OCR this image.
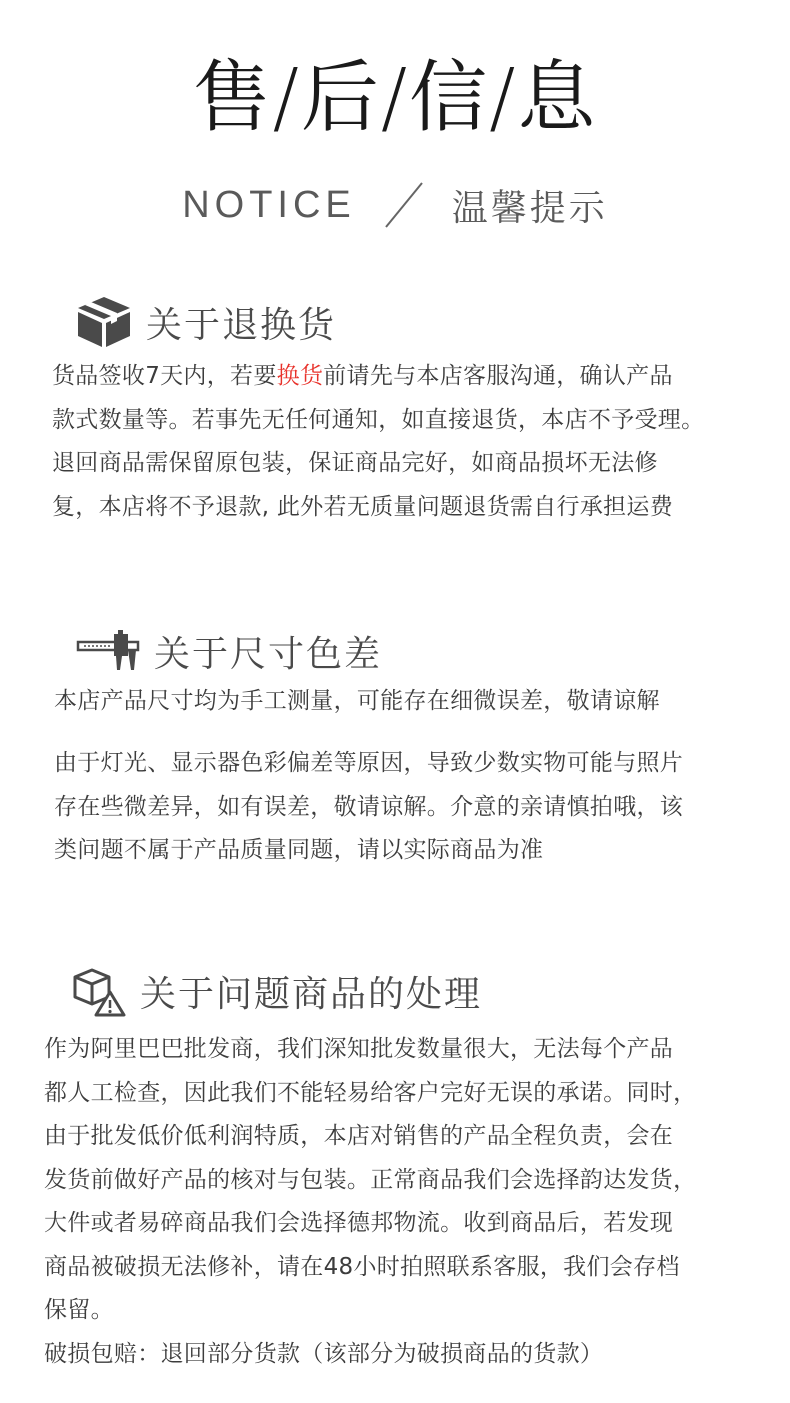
售/后/信/息
NOTICE	温馨提示
关于退换货
货品签收7天内，若要换货前请先与本店客服沟通，确认产品
款式数量等。若事先无任何通知，如直接退货，本店不予受理。
退回商品需保留原包装，保证商品完好，如商品损坏无法修
复，本店将不予退款, 此外若无质量问题退货需自行承担运费
关于尺寸色差
本店产品尺寸均为手工测量，可能存在细微误差，敬请谅解
由于灯光、显示器色彩偏差等原因，导致少数实物可能与照片
存在些微差异，如有误差，敬请谅解。介意的亲请慎拍哦，该
类问题不属于产品质量同题，请以实际商品为准
关于问题商品的处理
作为阿里巴巴批发商，我们深知批发数量很大，无法每个产品
都人工检查，因此我们不能轻易给客户完好无误的承诺。同时，
由于批发低价低利润特质，本店对销售的产品全程负责，会在
发货前做好产品的核对与包装。正常商品我们会选择韵达发货，
大件或者易碎商品我们会选择德邦物流。收到商品后，若发现
商品被破损无法修补，请在48小时拍照联系客服，我们会存档
保留。
破损包赔：退回部分货款（该部分为破损商品的货款）
